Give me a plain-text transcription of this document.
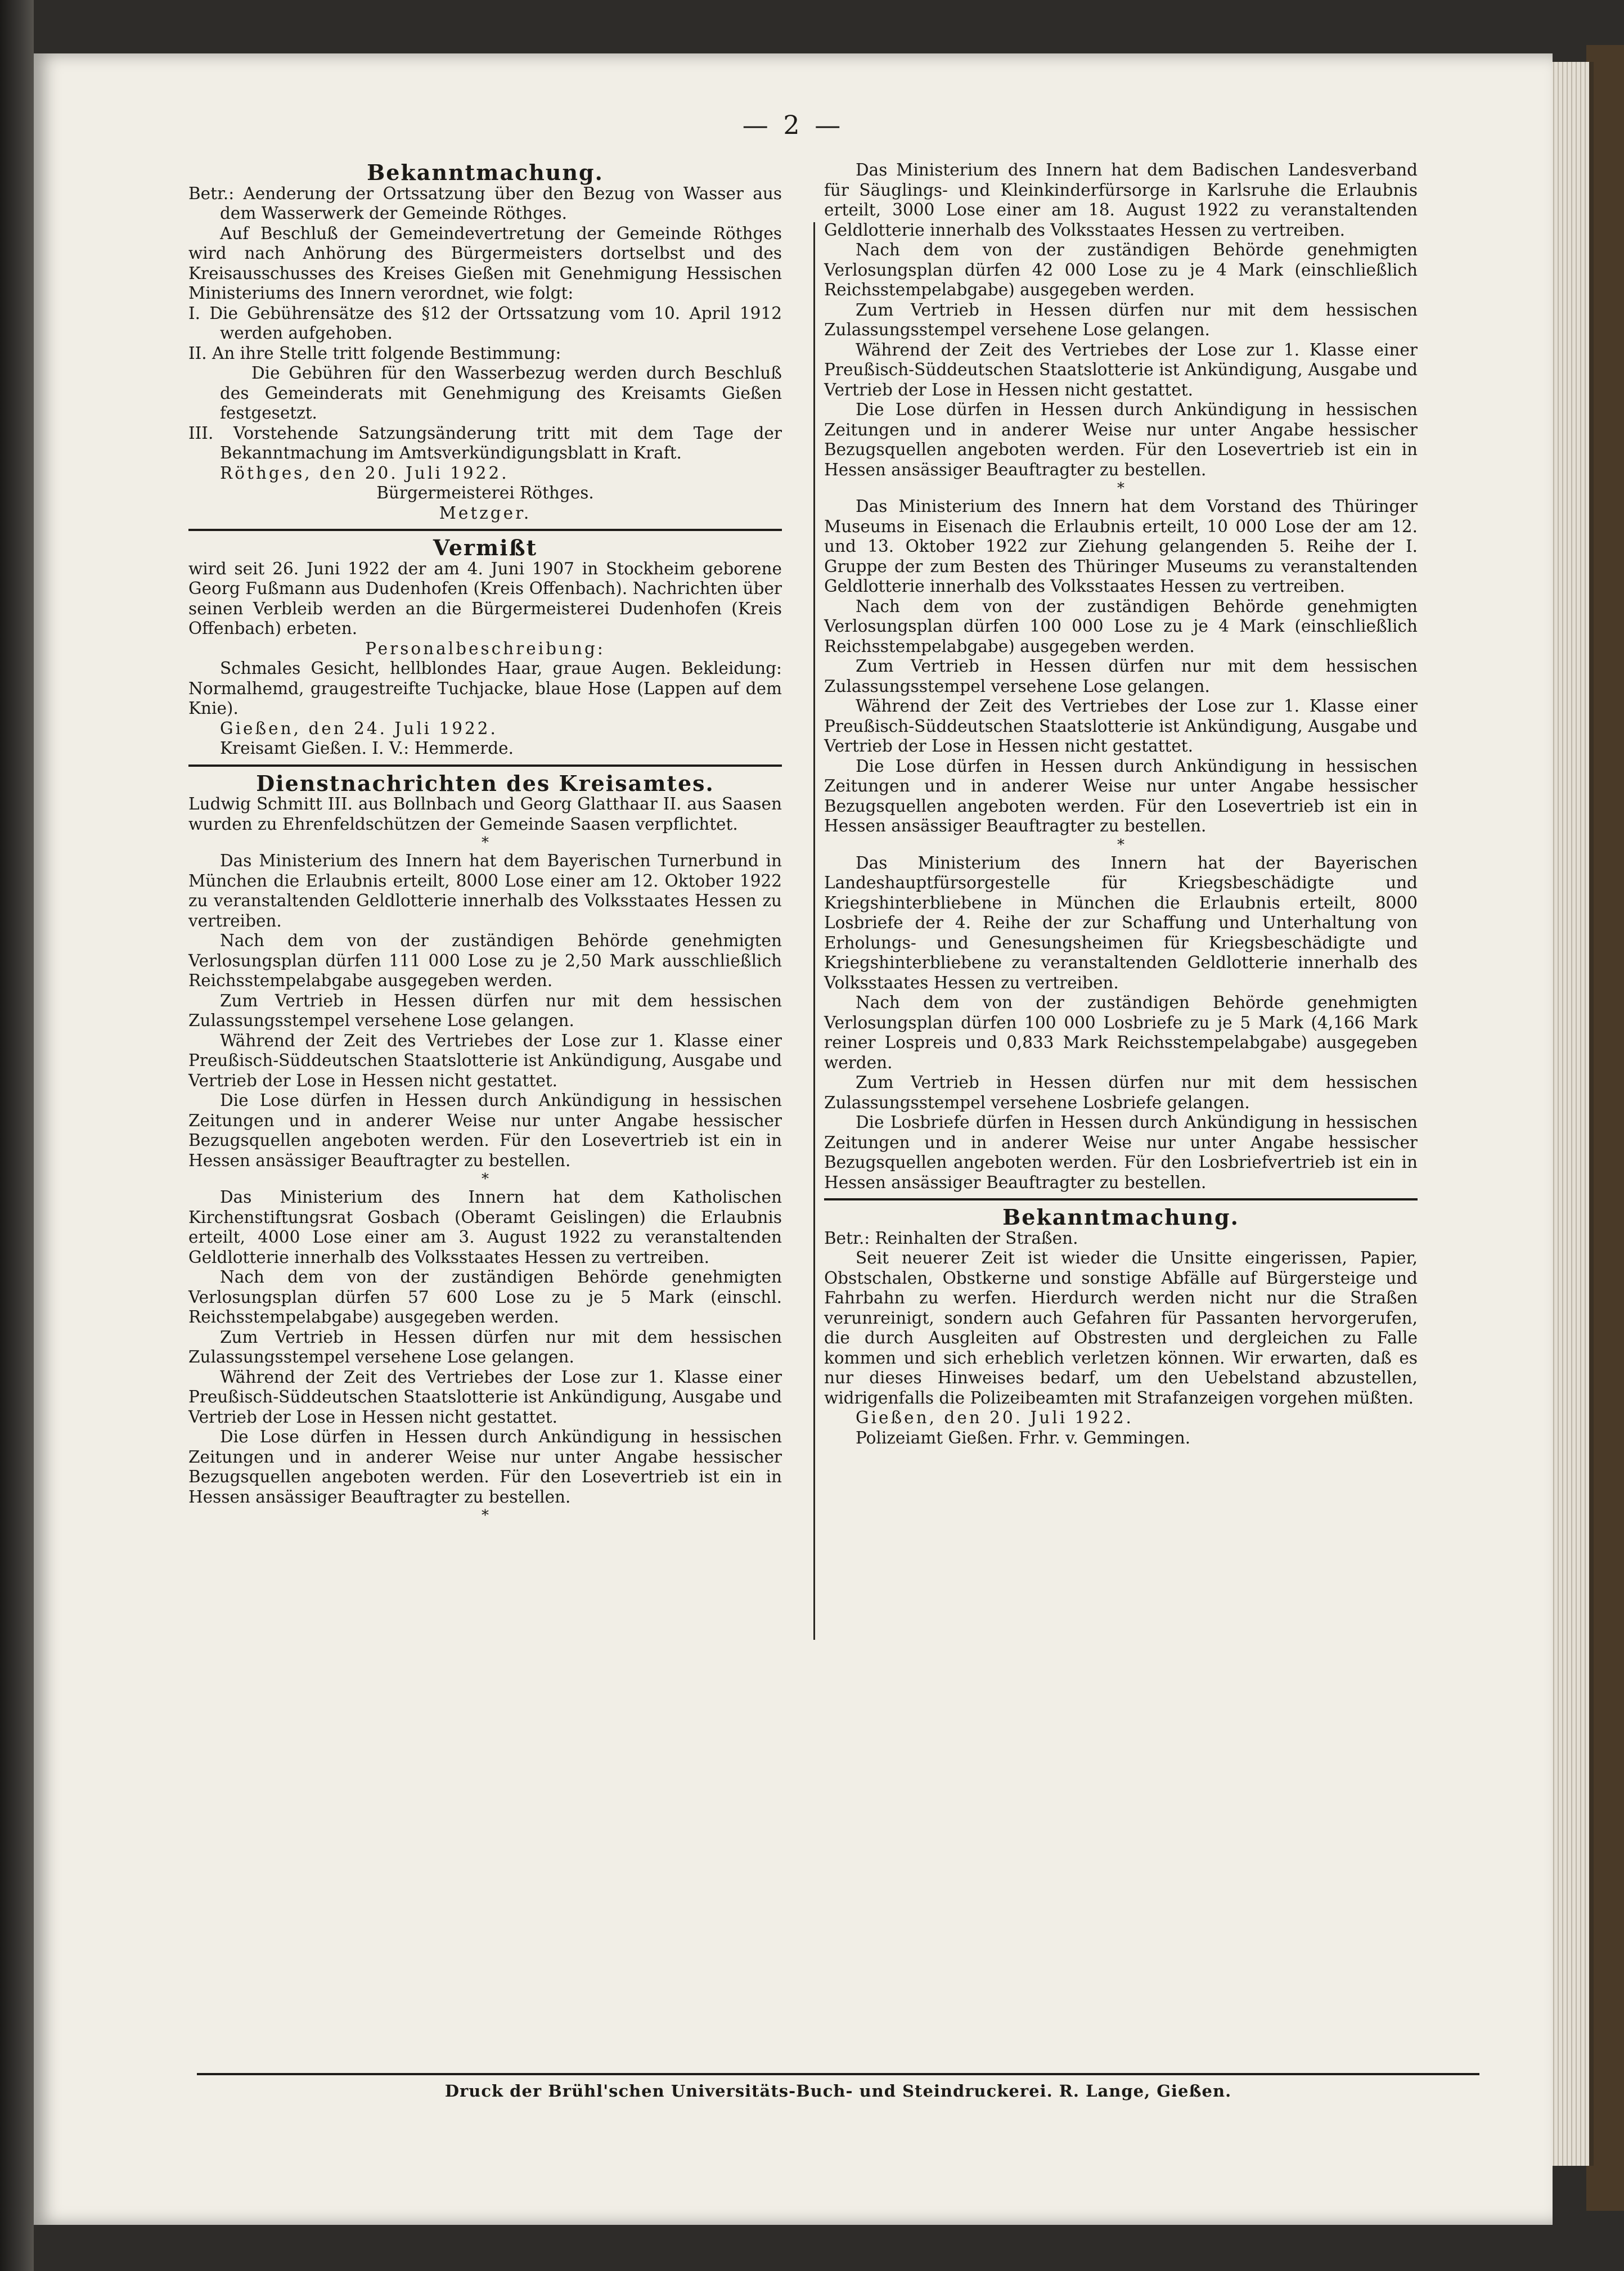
— 2 —
Bekanntmachung.

Betr.: Aenderung der Ortssatzung über den Bezug von Wasser aus dem Wasserwerk der Gemeinde Röthges.

Auf Beschluß der Gemeindevertretung der Gemeinde Röthges wird nach Anhörung des Bürgermeisters dortselbst und des Kreisausschusses des Kreises Gießen mit Genehmigung Hessischen Ministeriums des Innern verordnet, wie folgt:

I. Die Gebührensätze des §12 der Ortssatzung vom 10. April 1912 werden aufgehoben.

II. An ihre Stelle tritt folgende Bestimmung:

Die Gebühren für den Wasserbezug werden durch Beschluß des Gemeinderats mit Genehmigung des Kreisamts Gießen festgesetzt.

III. Vorstehende Satzungsänderung tritt mit dem Tage der Bekanntmachung im Amtsverkündigungsblatt in Kraft.

Röthges, den 20. Juli 1922.

Bürgermeisterei Röthges.

Metzger.

Vermißt

wird seit 26. Juni 1922 der am 4. Juni 1907 in Stockheim geborene Georg Fußmann aus Dudenhofen (Kreis Offenbach). Nachrichten über seinen Verbleib werden an die Bürgermeisterei Dudenhofen (Kreis Offenbach) erbeten.

Personalbeschreibung:

Schmales Gesicht, hellblondes Haar, graue Augen. Bekleidung: Normalhemd, graugestreifte Tuchjacke, blaue Hose (Lappen auf dem Knie).

Gießen, den 24. Juli 1922.

Kreisamt Gießen. I. V.: Hemmerde.

Dienstnachrichten des Kreisamtes.

Ludwig Schmitt III. aus Bollnbach und Georg Glatthaar II. aus Saasen wurden zu Ehrenfeldschützen der Gemeinde Saasen verpflichtet.

*

Das Ministerium des Innern hat dem Bayerischen Turnerbund in München die Erlaubnis erteilt, 8000 Lose einer am 12. Oktober 1922 zu veranstaltenden Geldlotterie innerhalb des Volksstaates Hessen zu vertreiben.

Nach dem von der zuständigen Behörde genehmigten Verlosungsplan dürfen 111 000 Lose zu je 2,50 Mark ausschließlich Reichsstempelabgabe ausgegeben werden.

Zum Vertrieb in Hessen dürfen nur mit dem hessischen Zulassungsstempel versehene Lose gelangen.

Während der Zeit des Vertriebes der Lose zur 1. Klasse einer Preußisch-Süddeutschen Staatslotterie ist Ankündigung, Ausgabe und Vertrieb der Lose in Hessen nicht gestattet.

Die Lose dürfen in Hessen durch Ankündigung in hessischen Zeitungen und in anderer Weise nur unter Angabe hessischer Bezugsquellen angeboten werden. Für den Losevertrieb ist ein in Hessen ansässiger Beauftragter zu bestellen.

*

Das Ministerium des Innern hat dem Katholischen Kirchenstiftungsrat Gosbach (Oberamt Geislingen) die Erlaubnis erteilt, 4000 Lose einer am 3. August 1922 zu veranstaltenden Geldlotterie innerhalb des Volksstaates Hessen zu vertreiben.

Nach dem von der zuständigen Behörde genehmigten Verlosungsplan dürfen 57 600 Lose zu je 5 Mark (einschl. Reichsstempelabgabe) ausgegeben werden.

Zum Vertrieb in Hessen dürfen nur mit dem hessischen Zulassungsstempel versehene Lose gelangen.

Während der Zeit des Vertriebes der Lose zur 1. Klasse einer Preußisch-Süddeutschen Staatslotterie ist Ankündigung, Ausgabe und Vertrieb der Lose in Hessen nicht gestattet.

Die Lose dürfen in Hessen durch Ankündigung in hessischen Zeitungen und in anderer Weise nur unter Angabe hessischer Bezugsquellen angeboten werden. Für den Losevertrieb ist ein in Hessen ansässiger Beauftragter zu bestellen.

*

Das Ministerium des Innern hat dem Badischen Landesverband für Säuglings- und Kleinkinderfürsorge in Karlsruhe die Erlaubnis erteilt, 3000 Lose einer am 18. August 1922 zu veranstaltenden Geldlotterie innerhalb des Volksstaates Hessen zu vertreiben.

Nach dem von der zuständigen Behörde genehmigten Verlosungsplan dürfen 42 000 Lose zu je 4 Mark (einschließlich Reichsstempelabgabe) ausgegeben werden.

Zum Vertrieb in Hessen dürfen nur mit dem hessischen Zulassungsstempel versehene Lose gelangen.

Während der Zeit des Vertriebes der Lose zur 1. Klasse einer Preußisch-Süddeutschen Staatslotterie ist Ankündigung, Ausgabe und Vertrieb der Lose in Hessen nicht gestattet.

Die Lose dürfen in Hessen durch Ankündigung in hessischen Zeitungen und in anderer Weise nur unter Angabe hessischer Bezugsquellen angeboten werden. Für den Losevertrieb ist ein in Hessen ansässiger Beauftragter zu bestellen.

*

Das Ministerium des Innern hat dem Vorstand des Thüringer Museums in Eisenach die Erlaubnis erteilt, 10 000 Lose der am 12. und 13. Oktober 1922 zur Ziehung gelangenden 5. Reihe der I. Gruppe der zum Besten des Thüringer Museums zu veranstaltenden Geldlotterie innerhalb des Volksstaates Hessen zu vertreiben.

Nach dem von der zuständigen Behörde genehmigten Verlosungsplan dürfen 100 000 Lose zu je 4 Mark (einschließlich Reichsstempelabgabe) ausgegeben werden.

Zum Vertrieb in Hessen dürfen nur mit dem hessischen Zulassungsstempel versehene Lose gelangen.

Während der Zeit des Vertriebes der Lose zur 1. Klasse einer Preußisch-Süddeutschen Staatslotterie ist Ankündigung, Ausgabe und Vertrieb der Lose in Hessen nicht gestattet.

Die Lose dürfen in Hessen durch Ankündigung in hessischen Zeitungen und in anderer Weise nur unter Angabe hessischer Bezugsquellen angeboten werden. Für den Losevertrieb ist ein in Hessen ansässiger Beauftragter zu bestellen.

*

Das Ministerium des Innern hat der Bayerischen Landeshauptfürsorgestelle für Kriegsbeschädigte und Kriegshinterbliebene in München die Erlaubnis erteilt, 8000 Losbriefe der 4. Reihe der zur Schaffung und Unterhaltung von Erholungs- und Genesungsheimen für Kriegsbeschädigte und Kriegshinterbliebene zu veranstaltenden Geldlotterie innerhalb des Volksstaates Hessen zu vertreiben.

Nach dem von der zuständigen Behörde genehmigten Verlosungsplan dürfen 100 000 Losbriefe zu je 5 Mark (4,166 Mark reiner Lospreis und 0,833 Mark Reichsstempelabgabe) ausgegeben werden.

Zum Vertrieb in Hessen dürfen nur mit dem hessischen Zulassungsstempel versehene Losbriefe gelangen.

Die Losbriefe dürfen in Hessen durch Ankündigung in hessischen Zeitungen und in anderer Weise nur unter Angabe hessischer Bezugsquellen angeboten werden. Für den Losbriefvertrieb ist ein in Hessen ansässiger Beauftragter zu bestellen.

Bekanntmachung.

Betr.: Reinhalten der Straßen.

Seit neuerer Zeit ist wieder die Unsitte eingerissen, Papier, Obstschalen, Obstkerne und sonstige Abfälle auf Bürgersteige und Fahrbahn zu werfen. Hierdurch werden nicht nur die Straßen verunreinigt, sondern auch Gefahren für Passanten hervorgerufen, die durch Ausgleiten auf Obstresten und dergleichen zu Falle kommen und sich erheblich verletzen können. Wir erwarten, daß es nur dieses Hinweises bedarf, um den Uebelstand abzustellen, widrigenfalls die Polizeibeamten mit Strafanzeigen vorgehen müßten.

Gießen, den 20. Juli 1922.

Polizeiamt Gießen. Frhr. v. Gemmingen.

Druck der Brühl'schen Universitäts-Buch- und Steindruckerei. R. Lange, Gießen.
